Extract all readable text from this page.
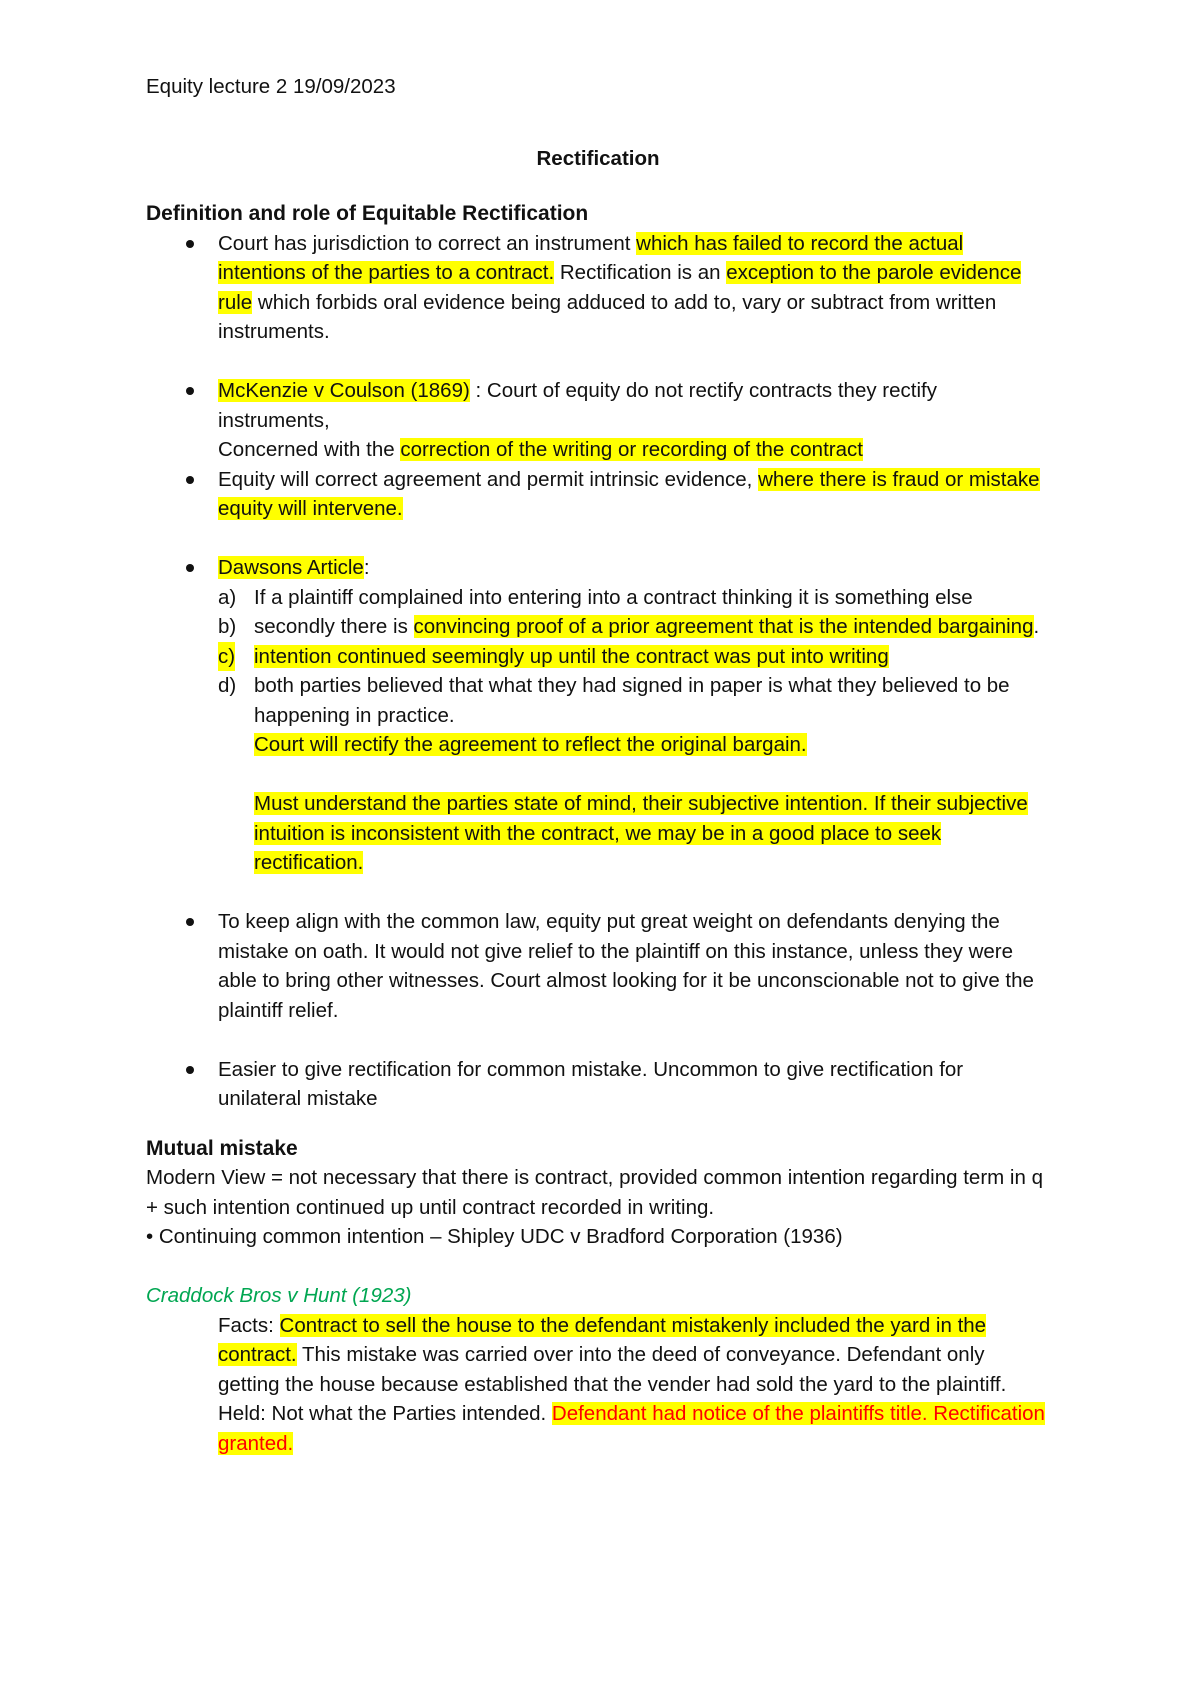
Equity lecture 2 19/09/2023

Rectification

Definition and role of Equitable Rectification

Court has jurisdiction to correct an instrument which has failed to record the actual intentions of the parties to a contract. Rectification is an exception to the parole evidence rule which forbids oral evidence being adduced to add to, vary or subtract from written instruments.
McKenzie v Coulson (1869) : Court of equity do not rectify contracts they rectify instruments,
Concerned with the correction of the writing or recording of the contract
Equity will correct agreement and permit intrinsic evidence, where there is fraud or mistake equity will intervene.
Dawsons Article:
a) If a plaintiff complained into entering into a contract thinking it is something else
b) secondly there is convincing proof of a prior agreement that is the intended bargaining.
c) intention continued seemingly up until the contract was put into writing
d) both parties believed that what they had signed in paper is what they believed to be happening in practice.
Court will rectify the agreement to reflect the original bargain.
Must understand the parties state of mind, their subjective intention. If their subjective intuition is inconsistent with the contract, we may be in a good place to seek rectification.
To keep align with the common law, equity put great weight on defendants denying the mistake on oath. It would not give relief to the plaintiff on this instance, unless they were able to bring other witnesses. Court almost looking for it be unconscionable not to give the plaintiff relief.
Easier to give rectification for common mistake. Uncommon to give rectification for unilateral mistake

Mutual mistake

Modern View = not necessary that there is contract, provided common intention regarding term in q + such intention continued up until contract recorded in writing.

• Continuing common intention – Shipley UDC v Bradford Corporation (1936)

Craddock Bros v Hunt (1923)

Facts: Contract to sell the house to the defendant mistakenly included the yard in the contract. This mistake was carried over into the deed of conveyance. Defendant only getting the house because established that the vender had sold the yard to the plaintiff.

Held: Not what the Parties intended. Defendant had notice of the plaintiffs title. Rectification granted.
